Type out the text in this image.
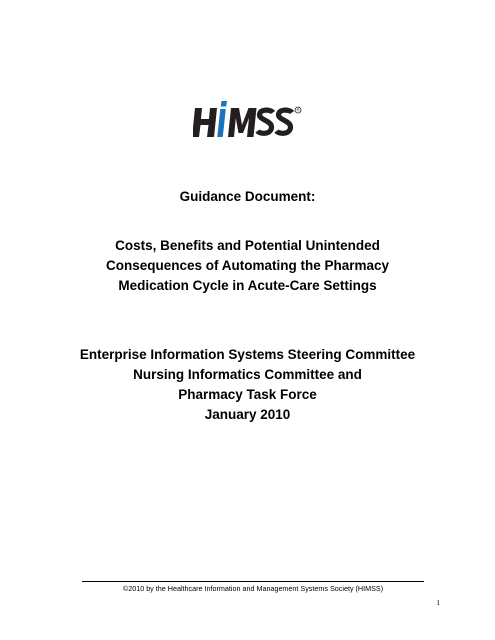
R
Guidance Document:
Costs, Benefits and Potential Unintended
Consequences of Automating the Pharmacy
Medication Cycle in Acute-Care Settings
Enterprise Information Systems Steering Committee
Nursing Informatics Committee and
Pharmacy Task Force
January 2010
©2010 by the Healthcare Information and Management Systems Society (HIMSS)
1
